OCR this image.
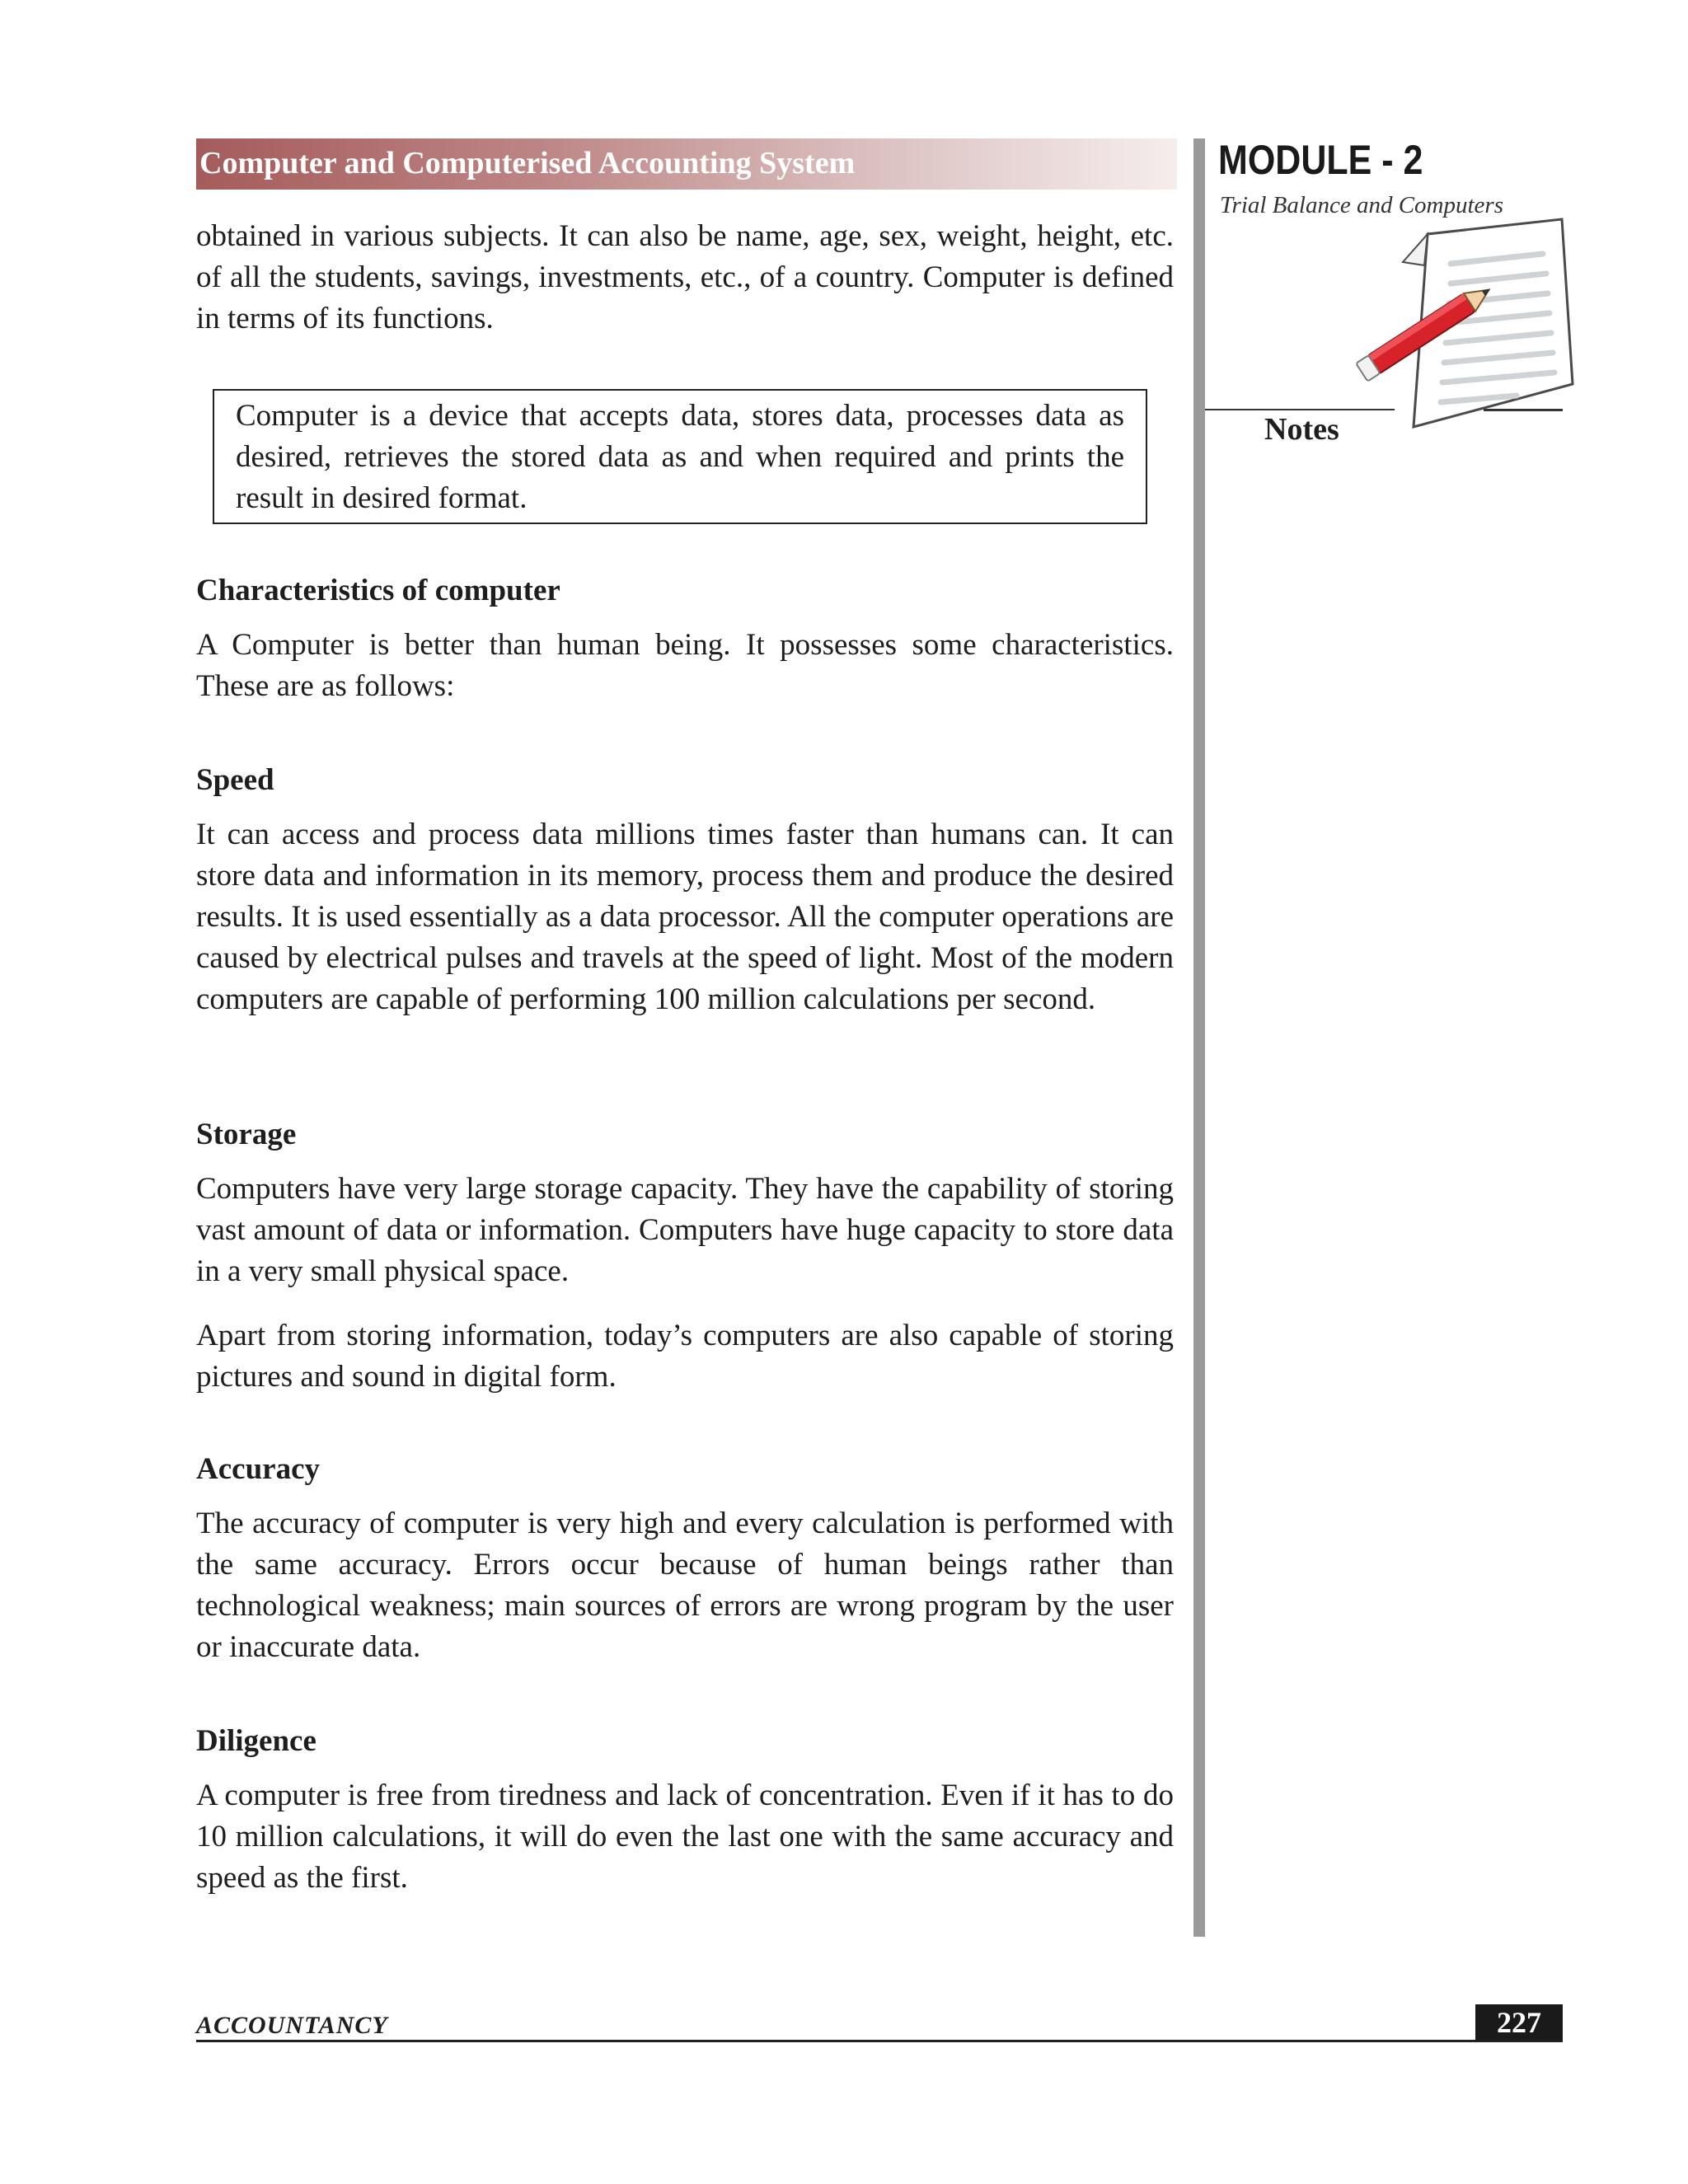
Computer and Computerised Accounting System	MODULE - 2
Trial Balance and Computers
Notes

obtained in various subjects. It can also be name, age, sex, weight, height, etc. of all the students, savings, investments, etc., of a country. Computer is defined in terms of its functions.

Computer is a device that accepts data, stores data, processes data as desired, retrieves the stored data as and when required and prints the result in desired format.

Characteristics of computer

A Computer is better than human being. It possesses some characteristics. These are as follows:

Speed

It can access and process data millions times faster than humans can. It can store data and information in its memory, process them and produce the desired results. It is used essentially as a data processor. All the computer operations are caused by electrical pulses and travels at the speed of light. Most of the modern computers are capable of performing 100 million calculations per second.

Storage

Computers have very large storage capacity. They have the capability of storing vast amount of data or information. Computers have huge capacity to store data in a very small physical space.

Apart from storing information, today’s computers are also capable of storing pictures and sound in digital form.

Accuracy

The accuracy of computer is very high and every calculation is performed with the same accuracy. Errors occur because of human beings rather than technological weakness; main sources of errors are wrong program by the user or inaccurate data.

Diligence

A computer is free from tiredness and lack of concentration. Even if it has to do 10 million calculations, it will do even the last one with the same accuracy and speed as the first.

ACCOUNTANCY	227
